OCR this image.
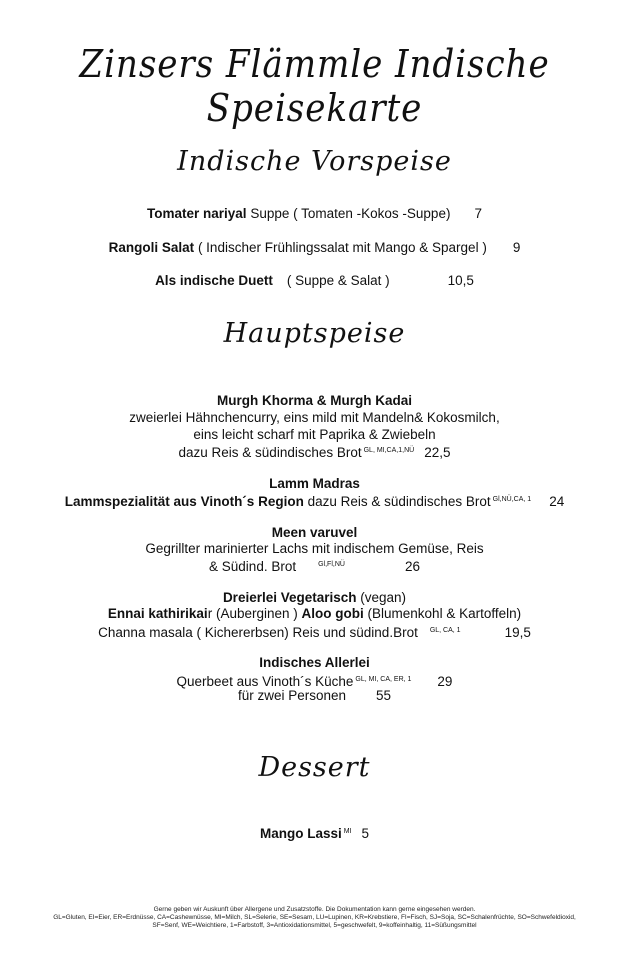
Zinsers Flämmle Indische Speisekarte
Indische Vorspeise
Tomater nariyal Suppe ( Tomaten -Kokos -Suppe) 7
Rangoli Salat ( Indischer Frühlingssalat mit Mango & Spargel ) 9
Als indische Duett ( Suppe & Salat )	10,5
Hauptspeise
Murgh Khorma & Murgh Kadai
zweierlei Hähnchencurry, eins mild mit Mandeln& Kokosmilch,
eins leicht scharf mit Paprika & Zwiebeln
dazu Reis & südindisches Brot $^{GL, MI,CA,1,NÜ}$ 22,5
Lamm Madras
Lammspezialität aus Vinoth´s Region dazu Reis & südindisches Brot $^{Gl,NÜ,CA, 1}$ 24
Meen varuvel
Gegrillter marinierter Lachs mit indischem Gemüse, Reis
& Südind. Brot	$^{Gl,Fl,NÜ}$	26
Dreierlei Vegetarisch (vegan)
Ennai kathirikair (Auberginen ) Aloo gobi (Blumenkohl & Kartoffeln)
Channa masala ( Kichererbsen) Reis und südind.Brot $^{GL, CA, 1}$	19,5
Indisches Allerlei
Querbeet aus Vinoth´s Küche $^{GL, MI, CA, ER, 1}$ 29
für zwei Personen 55
Dessert
Mango Lassi $^{MI}$ 5
Gerne geben wir Auskunft über Allergene und Zusatzstoffe. Die Dokumentation kann gerne eingesehen werden.
GL=Gluten, EI=Eier, ER=Erdnüsse, CA=Cashewnüsse, MI=Milch, SL=Selerie, SE=Sesam, LU=Lupinen, KR=Krebstiere, FI=Fisch, SJ=Soja, SC=Schalenfrüchte, SO=Schwefeldioxid,
SF=Senf, WE=Weichtiere, 1=Farbstoff, 3=Antioxidationsmittel, 5=geschwefelt, 9=koffeinhaltig, 11=Süßungsmittel
